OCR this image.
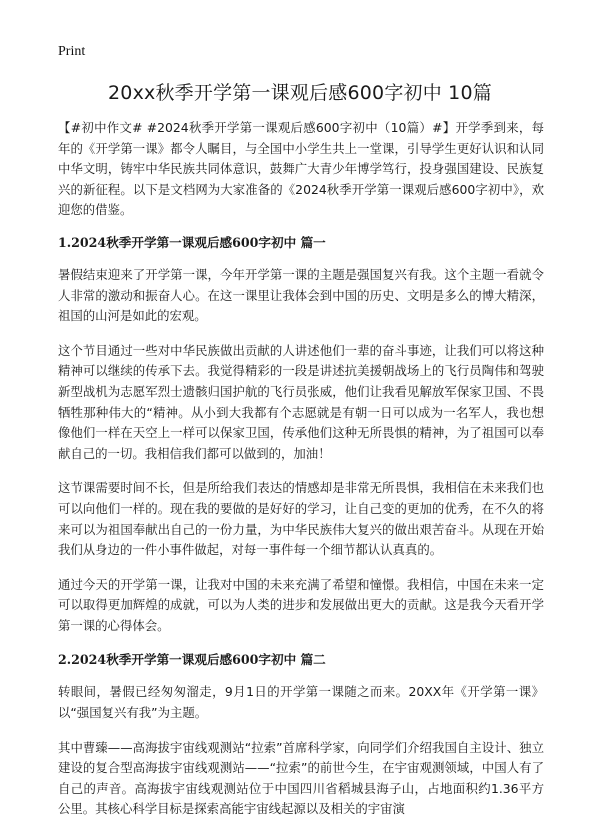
Print
20xx秋季开学第一课观后感600字初中 10篇

【#初中作文# #2024秋季开学第一课观后感600字初中（10篇）#】开学季到来，每年的《开学第一课》都令人瞩目，与全国中小学生共上一堂课，引导学生更好认识和认同中华文明，铸牢中华民族共同体意识，鼓舞广大青少年博学笃行，投身强国建设、民族复兴的新征程。以下是文档网为大家准备的《2024秋季开学第一课观后感600字初中》，欢迎您的借鉴。

1.2024秋季开学第一课观后感600字初中 篇一

暑假结束迎来了开学第一课，今年开学第一课的主题是强国复兴有我。这个主题一看就令人非常的激动和振奋人心。在这一课里让我体会到中国的历史、文明是多么的博大精深，祖国的山河是如此的宏观。

这个节目通过一些对中华民族做出贡献的人讲述他们一辈的奋斗事迹，让我们可以将这种精神可以继续的传承下去。我觉得精彩的一段是讲述抗美援朝战场上的飞行员陶伟和驾驶新型战机为志愿军烈士遗骸归国护航的飞行员张威，他们让我看见解放军保家卫国、不畏牺牲那种伟大的“精神。从小到大我都有个志愿就是有朝一日可以成为一名军人，我也想像他们一样在天空上一样可以保家卫国，传承他们这种无所畏惧的精神，为了祖国可以奉献自己的一切。我相信我们都可以做到的，加油！

这节课需要时间不长，但是所给我们表达的情感却是非常无所畏惧，我相信在未来我们也可以向他们一样的。现在我的要做的是好好的学习，让自己变的更加的优秀，在不久的将来可以为祖国奉献出自己的一份力量，为中华民族伟大复兴的做出艰苦奋斗。从现在开始我们从身边的一件小事件做起，对每一事件每一个细节都认认真真的。

通过今天的开学第一课，让我对中国的未来充满了希望和憧憬。我相信，中国在未来一定可以取得更加辉煌的成就，可以为人类的进步和发展做出更大的贡献。这是我今天看开学第一课的心得体会。

2.2024秋季开学第一课观后感600字初中 篇二

转眼间，暑假已经匆匆溜走，9月1日的开学第一课随之而来。20XX年《开学第一课》以“强国复兴有我”为主题。

其中曹臻——高海拔宇宙线观测站“拉索”首席科学家，向同学们介绍我国自主设计、独立建设的复合型高海拔宇宙线观测站——“拉索”的前世今生，在宇宙观测领域，中国人有了自己的声音。高海拔宇宙线观测站位于中国四川省稻城县海子山，占地面积约1.36平方公里。其核心科学目标是探索高能宇宙线起源以及相关的宇宙演
